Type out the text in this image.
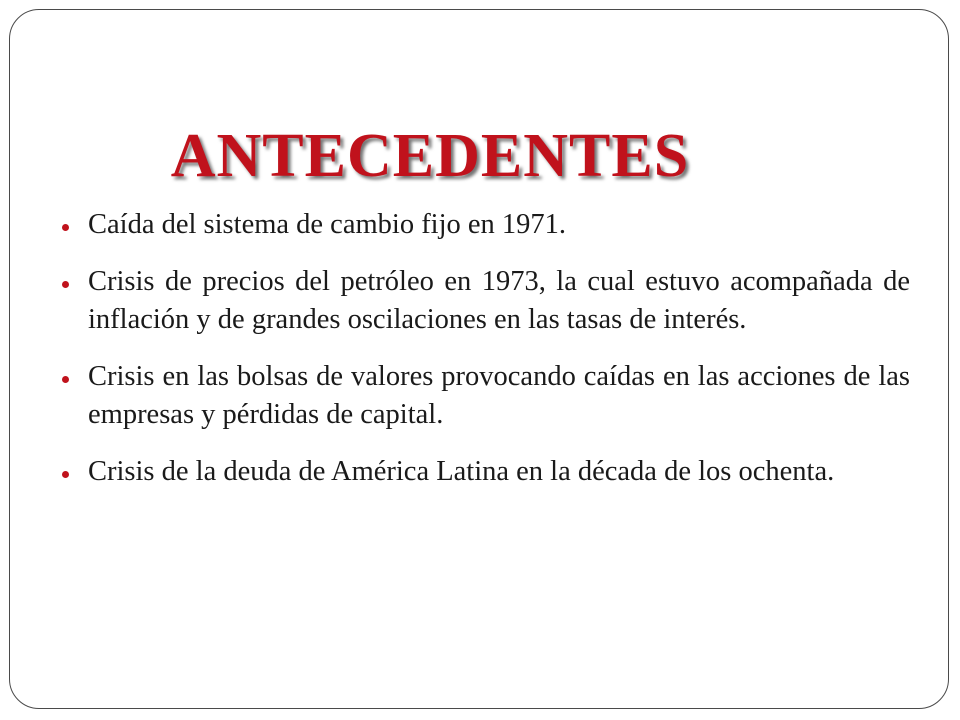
ANTECEDENTES
Caída del sistema de cambio fijo en 1971.
Crisis de precios del petróleo en 1973, la cual estuvo acompañada de inflación y de grandes oscilaciones en las tasas de interés.
Crisis en las bolsas de valores provocando caídas en las acciones de las empresas y pérdidas de capital.
Crisis de la deuda de América Latina en la década de los ochenta.
